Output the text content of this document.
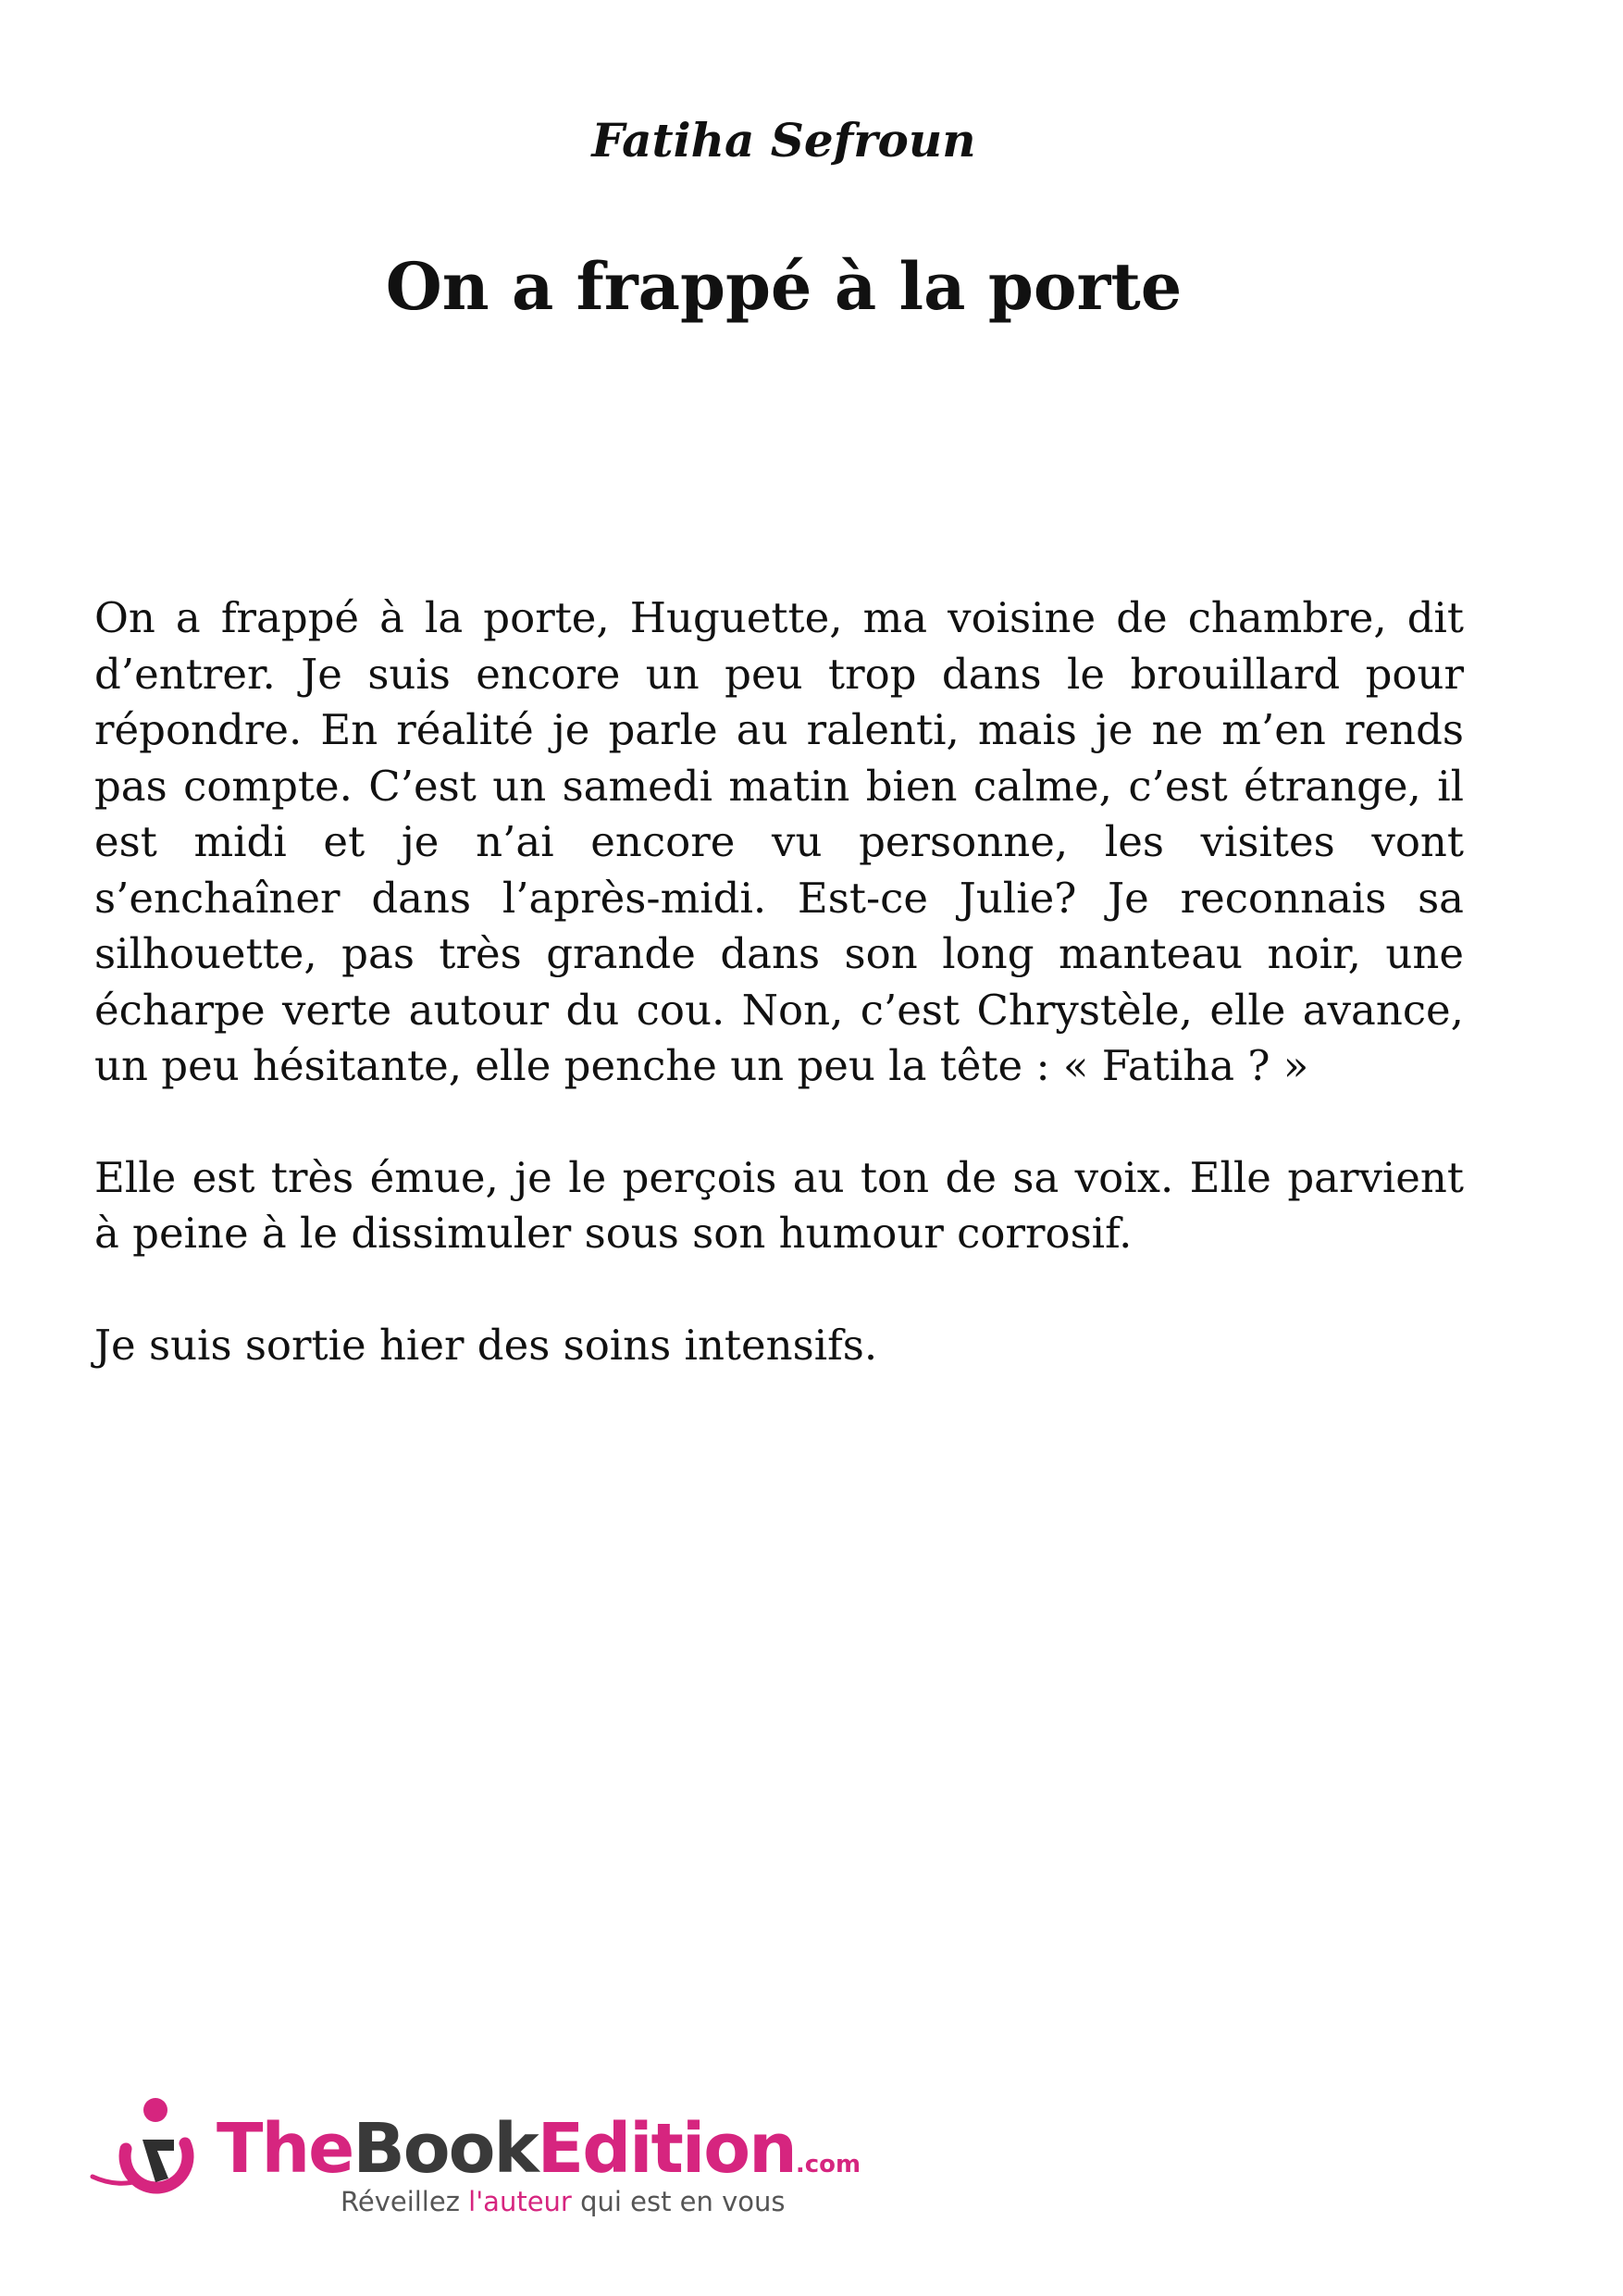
Fatiha Sefroun
On a frappé à la porte

On a frappé à la porte, Huguette, ma voisine de chambre, dit d’entrer. Je suis encore un peu trop dans le brouillard pour répondre. En réalité je parle au ralenti, mais je ne m’en rends pas compte. C’est un samedi matin bien calme, c’est étrange, il est midi et je n’ai encore vu personne, les visites vont s’enchaîner dans l’après-midi. Est-ce Julie? Je reconnais sa silhouette, pas très grande dans son long manteau noir, une écharpe verte autour du cou. Non, c’est Chrystèle, elle avance, un peu hésitante, elle penche un peu la tête : « Fatiha ? »

Elle est très émue, je le perçois au ton de sa voix. Elle parvient à peine à le dissimuler sous son humour corrosif.

Je suis sortie hier des soins intensifs.

TheBookEdition.com
Réveillez l'auteur qui est en vous
